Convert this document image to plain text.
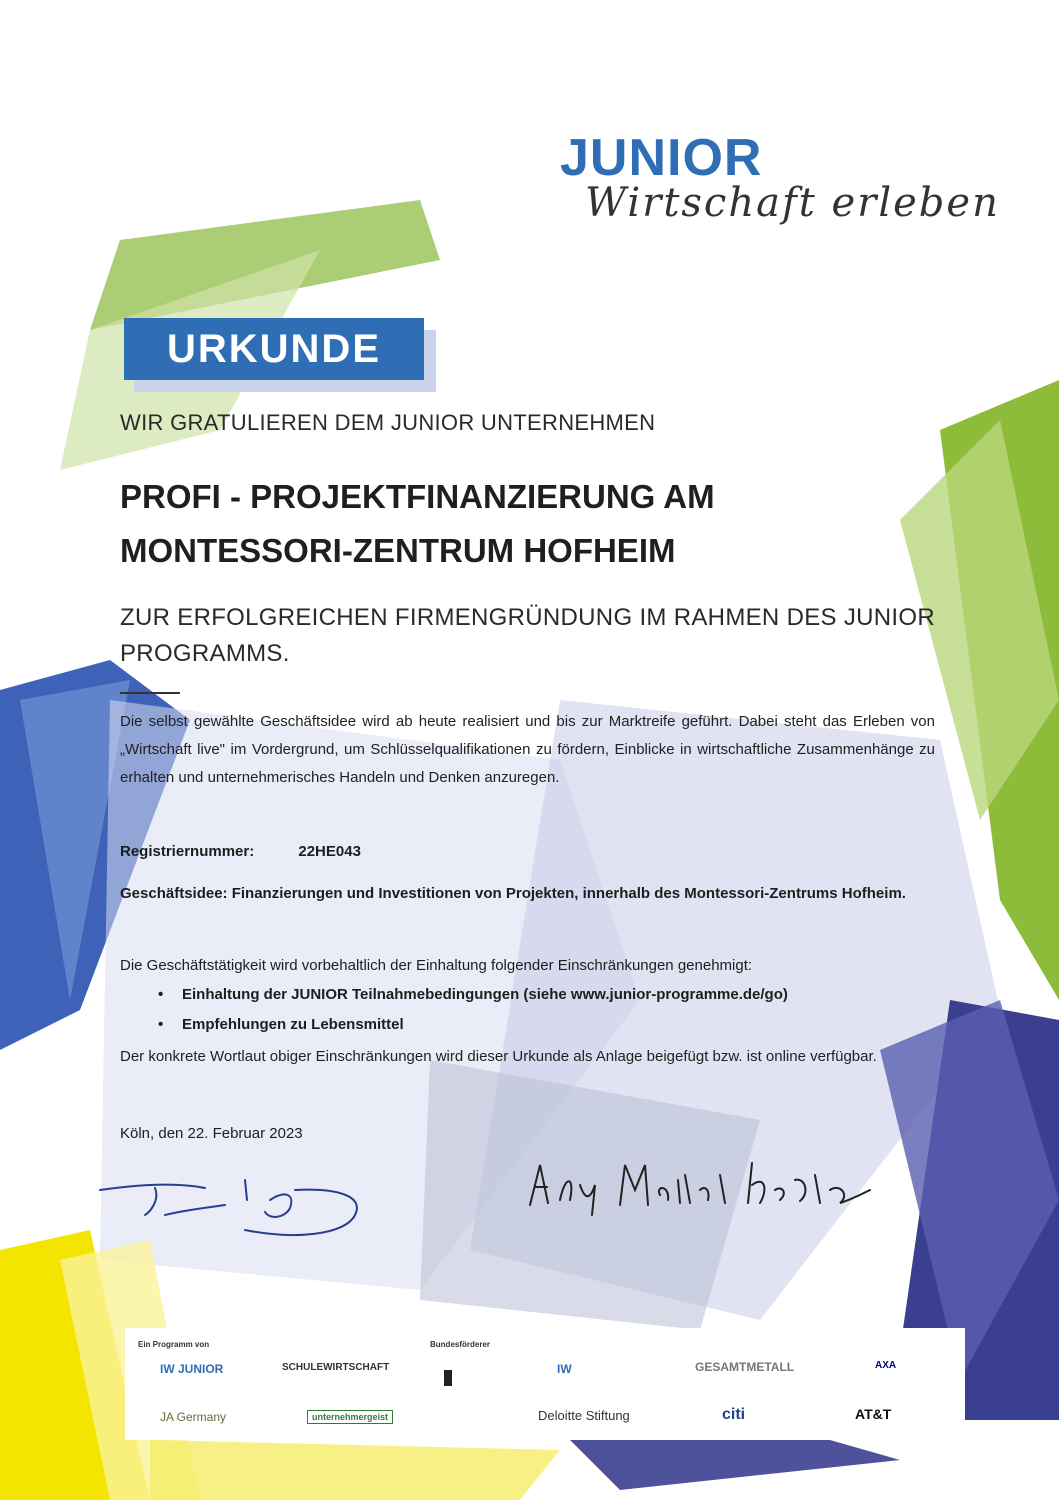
JUNIOR
Wirtschaft erleben
URKUNDE
WIR GRATULIEREN DEM JUNIOR UNTERNEHMEN
PROFI - PROJEKTFINANZIERUNG AM
MONTESSORI-ZENTRUM HOFHEIM
ZUR ERFOLGREICHEN FIRMENGRÜNDUNG IM RAHMEN DES JUNIOR PROGRAMMS.
Die selbst gewählte Geschäftsidee wird ab heute realisiert und bis zur Marktreife geführt. Dabei steht das Erleben von „Wirtschaft live" im Vordergrund, um Schlüsselqualifikationen zu fördern, Einblicke in wirtschaftliche Zusammenhänge zu erhalten und unternehmerisches Handeln und Denken anzuregen.
Registriernummer:	22HE043
Geschäftsidee: Finanzierungen und Investitionen von Projekten, innerhalb des Montessori-Zentrums Hofheim.
Die Geschäftstätigkeit wird vorbehaltlich der Einhaltung folgender Einschränkungen genehmigt:
• Einhaltung der JUNIOR Teilnahmebedingungen (siehe www.junior-programme.de/go)
• Empfehlungen zu Lebensmittel
Der konkrete Wortlaut obiger Einschränkungen wird dieser Urkunde als Anlage beigefügt bzw. ist online verfügbar.
Köln, den 22. Februar 2023
Ein Programm von	Bundesförderer
IW JUNIOR	SCHULEWIRTSCHAFT	IW	GESAMTMETALL	AXA
JA Germany	unternehmergeist	Deloitte Stiftung	citi	AT&T
